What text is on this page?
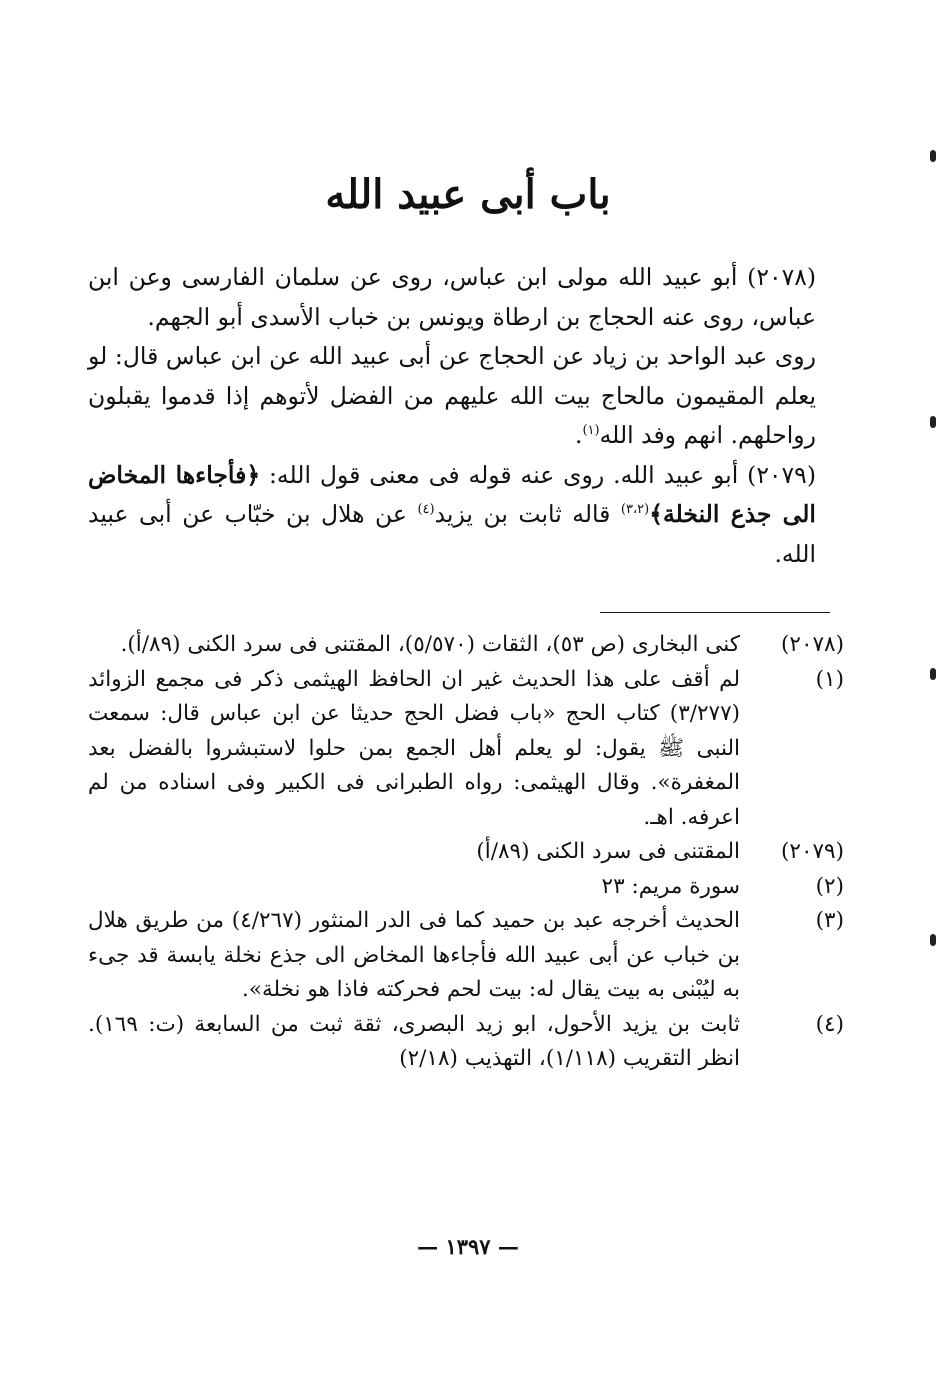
باب أبى عبيد الله

(٢٠٧٨) أبو عبيد الله مولى ابن عباس، روى عن سلمان الفارسى وعن ابن عباس، روى عنه الحجاج بن ارطاة ويونس بن خباب الأسدى أبو الجهم.

روى عبد الواحد بن زياد عن الحجاج عن أبى عبيد الله عن ابن عباس قال: لو يعلم المقيمون مالحاج بيت الله عليهم من الفضل لأتوهم إذا قدموا يقبلون رواحلهم. انهم وفد الله$^{(١)}$.

(٢٠٧٩) أبو عبيد الله. روى عنه قوله فى معنى قول الله: ﴿فأجاءها المخاض الى جذع النخلة﴾$^{(٣،٢)}$ قاله ثابت بن يزيد$^{(٤)}$ عن هلال بن خبّاب عن أبى عبيد الله.

(٢٠٧٨)
كنى البخارى (ص ٥٣)، الثقات (٥/٥٧٠)، المقتنى فى سرد الكنى (٨٩/أ).
(١)
لم أقف على هذا الحديث غير ان الحافظ الهيثمى ذكر فى مجمع الزوائد (٣/٢٧٧) كتاب الحج «باب فضل الحج حديثا عن ابن عباس قال: سمعت النبى ﷺ يقول: لو يعلم أهل الجمع بمن حلوا لاستبشروا بالفضل بعد المغفرة». وقال الهيثمى: رواه الطبرانى فى الكبير وفى اسناده من لم اعرفه. اهـ.
(٢٠٧٩)
المقتنى فى سرد الكنى (٨٩/أ)
(٢)
سورة مريم: ٢٣
(٣)
الحديث أخرجه عبد بن حميد كما فى الدر المنثور (٤/٢٦٧) من طريق هلال بن خباب عن أبى عبيد الله فأجاءها المخاض الى جذع نخلة يابسة قد جىء به ليُبْنى به بيت يقال له: بيت لحم فحركته فاذا هو نخلة».
(٤)
ثابت بن يزيد الأحول، ابو زيد البصرى، ثقة ثبت من السابعة (ت: ١٦٩). انظر التقريب (١/١١٨)، التهذيب (٢/١٨)
— ١٣٩٧ —
